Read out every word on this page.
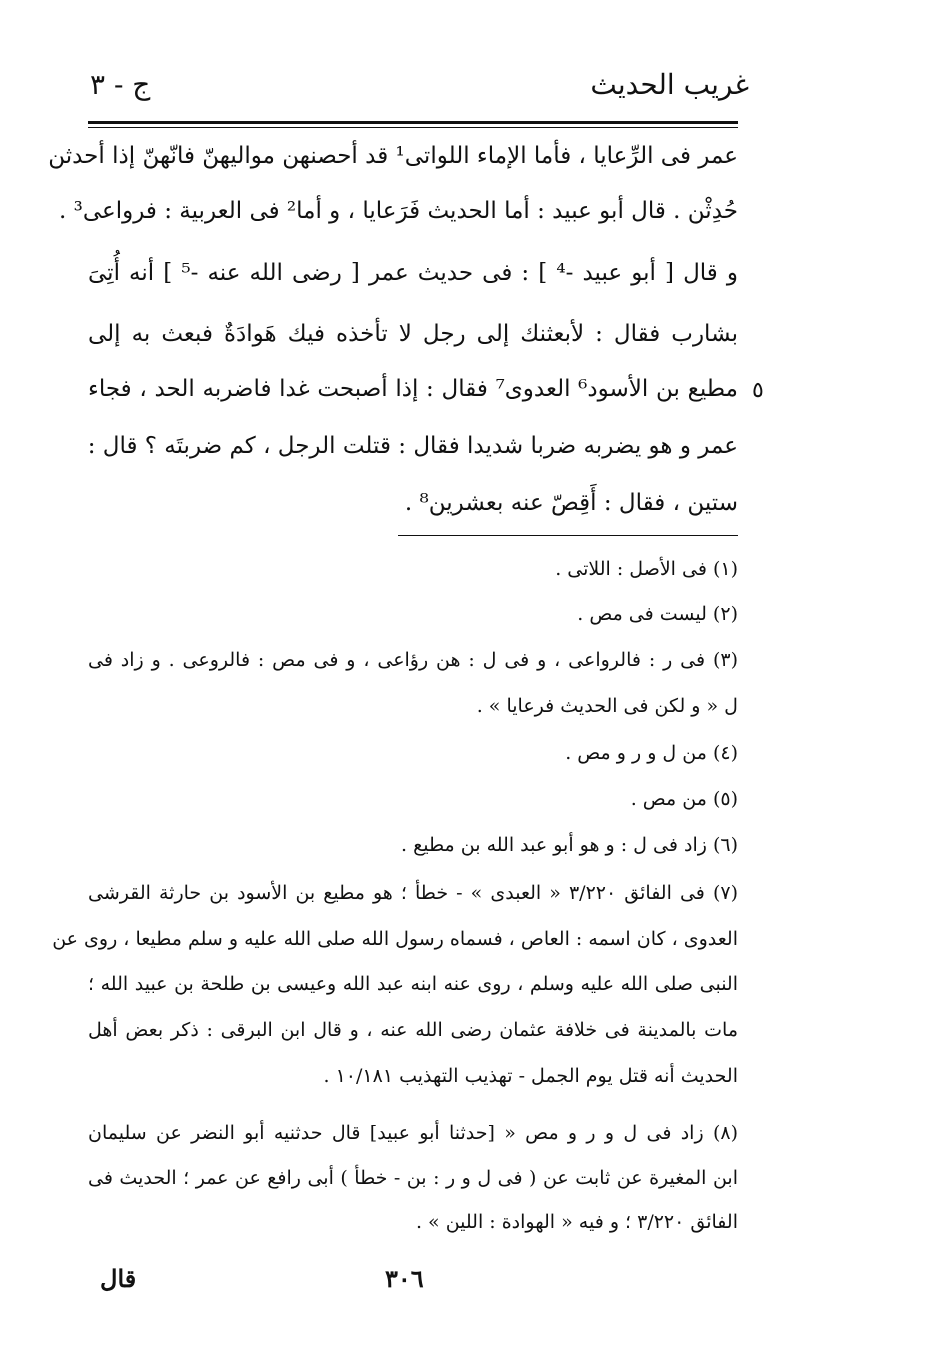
غريب الحديث
ج - ٣
عمر فى الرِّعايا ، فأما الإماء اللواتى¹ قد أحصنهن مواليهنّ فانّهنّ إذا أحدثن
حُدِثْن . قال أبو عبيد : أما الحديث فَرَعايا ، و أما² فى العربية : فرواعى³ .
و قال [ أبو عبيد -⁴ ] : فى حديث عمر [ رضى الله عنه -⁵ ] أنه أُتِىَ
بشارب فقال : لأبعثنك إلى رجل لا تأخذه فيك هَوادَةٌ فبعث به إلى
٥
مطيع بن الأسود⁶ العدوى⁷ فقال : إذا أصبحت غدا فاضربه الحد ، فجاء
عمر و هو يضربه ضربا شديدا فقال : قتلت الرجل ، كم ضربتَه ؟ قال :
ستين ، فقال : أَقِصّ عنه بعشرين⁸ .
(١) فى الأصل : اللاتى .
(٢) ليست فى مص .
(٣) فى ر : فالرواعى ، و فى ل : هن رؤاعى ، و فى مص : فالروعى . و زاد فى
ل « و لكن فى الحديث فرعايا » .
(٤) من ل و ر و مص .
(٥) من مص .
(٦) زاد فى ل : و هو أبو عبد الله بن مطيع .
(٧) فى الفائق ٣/٢٢٠ « العبدى » - خطأ ؛ هو مطيع بن الأسود بن حارثة القرشى
العدوى ، كان اسمه : العاص ، فسماه رسول الله صلى الله عليه و سلم مطيعا ، روى عن
النبى صلى الله عليه وسلم ، روى عنه ابنه عبد الله وعيسى بن طلحة بن عبيد الله ؛
مات بالمدينة فى خلافة عثمان رضى الله عنه ، و قال ابن البرقى : ذكر بعض أهل
الحديث أنه قتل يوم الجمل - تهذيب التهذيب ١٠/١٨١ .
(٨) زاد فى ل و ر و مص « [حدثنا أبو عبيد] قال حدثنيه أبو النضر عن سليمان
ابن المغيرة عن ثابت عن ( فى ل و ر : بن - خطأ ) أبى رافع عن عمر ؛ الحديث فى
الفائق ٣/٢٢٠ ؛ و فيه « الهوادة : اللين » .
٣٠٦
قال
